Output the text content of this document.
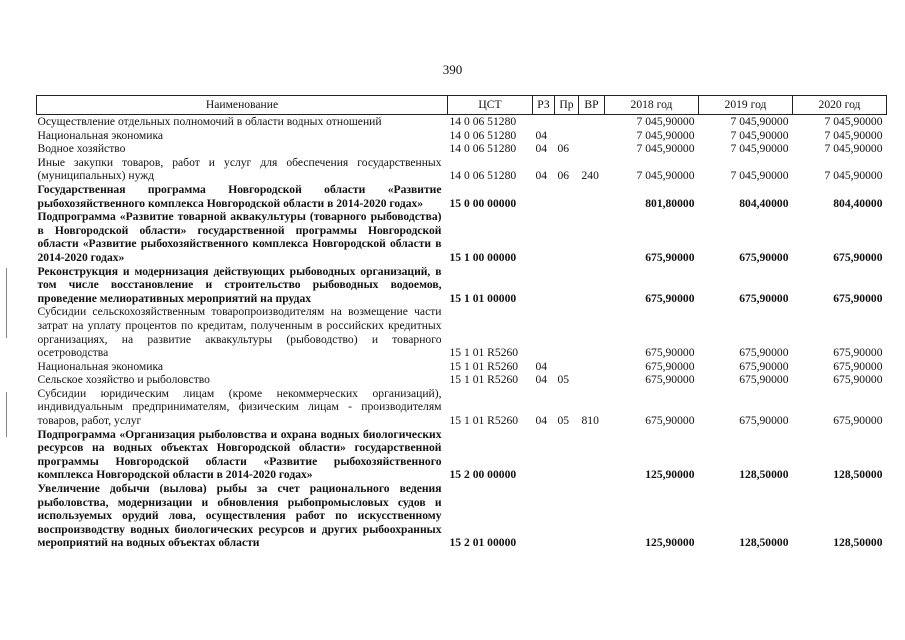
390
Наименование	ЦСТ	РЗ	Пр	ВР	2018 год	2019 год	2020 год
Осуществление отдельных полномочий в области водных отношений	14 0 06 51280				7 045,90000	7 045,90000	7 045,90000
Национальная экономика	14 0 06 51280	04			7 045,90000	7 045,90000	7 045,90000
Водное хозяйство	14 0 06 51280	04	06		7 045,90000	7 045,90000	7 045,90000
Иные закупки товаров, работ и услуг для обеспечения государственных (муниципальных) нужд	14 0 06 51280	04	06	240	7 045,90000	7 045,90000	7 045,90000
Государственная программа Новгородской области «Развитие рыбохозяйственного комплекса Новгородской области в 2014-2020 годах»	15 0 00 00000				801,80000	804,40000	804,40000
Подпрограмма «Развитие товарной аквакультуры (товарного рыбоводства) в Новгородской области» государственной программы Новгородской области «Развитие рыбохозяйственного комплекса Новгородской области в 2014-2020 годах»	15 1 00 00000				675,90000	675,90000	675,90000
Реконструкция и модернизация действующих рыбоводных организаций, в том числе восстановление и строительство рыбоводных водоемов, проведение мелиоративных мероприятий на прудах	15 1 01 00000				675,90000	675,90000	675,90000
Субсидии сельскохозяйственным товаропроизводителям на возмещение части затрат на уплату процентов по кредитам, полученным в российских кредитных организациях, на развитие аквакультуры (рыбоводство) и товарного осетроводства	15 1 01 R5260				675,90000	675,90000	675,90000
Национальная экономика	15 1 01 R5260	04			675,90000	675,90000	675,90000
Сельское хозяйство и рыболовство	15 1 01 R5260	04	05		675,90000	675,90000	675,90000
Субсидии юридическим лицам (кроме некоммерческих организаций), индивидуальным предпринимателям, физическим лицам - производителям товаров, работ, услуг	15 1 01 R5260	04	05	810	675,90000	675,90000	675,90000
Подпрограмма «Организация рыболовства и охрана водных биологических ресурсов на водных объектах Новгородской области» государственной программы Новгородской области «Развитие рыбохозяйственного комплекса Новгородской области в 2014-2020 годах»	15 2 00 00000				125,90000	128,50000	128,50000
Увеличение добычи (вылова) рыбы за счет рационального ведения рыболовства, модернизации и обновления рыбопромысловых судов и используемых орудий лова, осуществления работ по искусственному воспроизводству водных биологических ресурсов и других рыбоохранных мероприятий на водных объектах области	15 2 01 00000				125,90000	128,50000	128,50000
